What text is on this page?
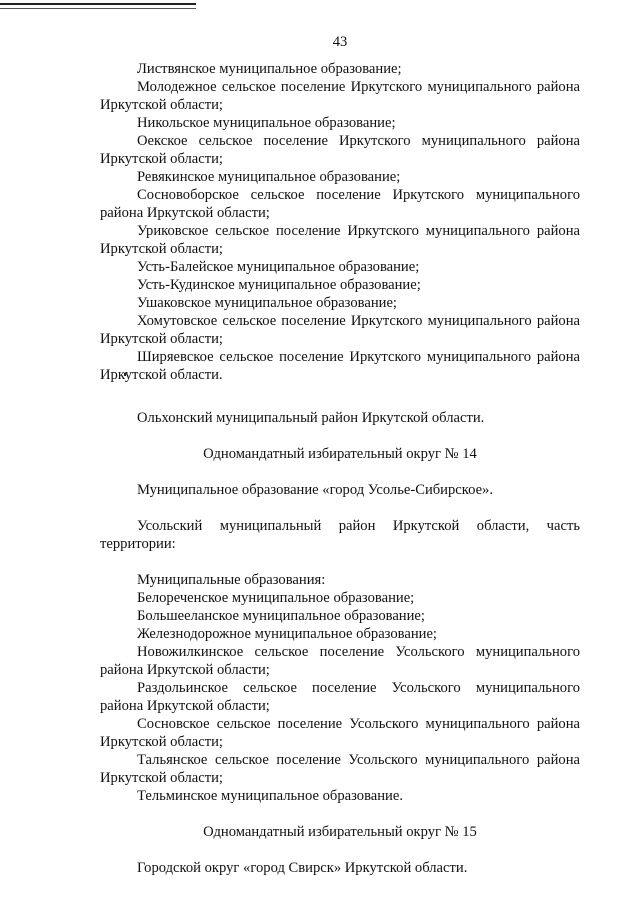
43

Листвянское муниципальное образование;

Молодежное сельское поселение Иркутского муниципального района Иркутской области;

Никольское муниципальное образование;

Оекское сельское поселение Иркутского муниципального района Иркутской области;

Ревякинское муниципальное образование;

Сосновоборское сельское поселение Иркутского муниципального района Иркутской области;

Уриковское сельское поселение Иркутского муниципального района Иркутской области;

Усть-Балейское муниципальное образование;

Усть-Кудинское муниципальное образование;

Ушаковское муниципальное образование;

Хомутовское сельское поселение Иркутского муниципального района Иркутской области;

Ширяевское сельское поселение Иркутского муниципального района Иркутской области.

Ольхонский муниципальный район Иркутской области.

Одномандатный избирательный округ № 14

Муниципальное образование «город Усолье-Сибирское».

Усольский муниципальный район Иркутской области, часть территории:

Муниципальные образования:

Белореченское муниципальное образование;

Большееланское муниципальное образование;

Железнодорожное муниципальное образование;

Новожилкинское сельское поселение Усольского муниципального района Иркутской области;

Раздольинское сельское поселение Усольского муниципального района Иркутской области;

Сосновское сельское поселение Усольского муниципального района Иркутской области;

Тальянское сельское поселение Усольского муниципального района Иркутской области;

Тельминское муниципальное образование.

Одномандатный избирательный округ № 15

Городской округ «город Свирск» Иркутской области.
